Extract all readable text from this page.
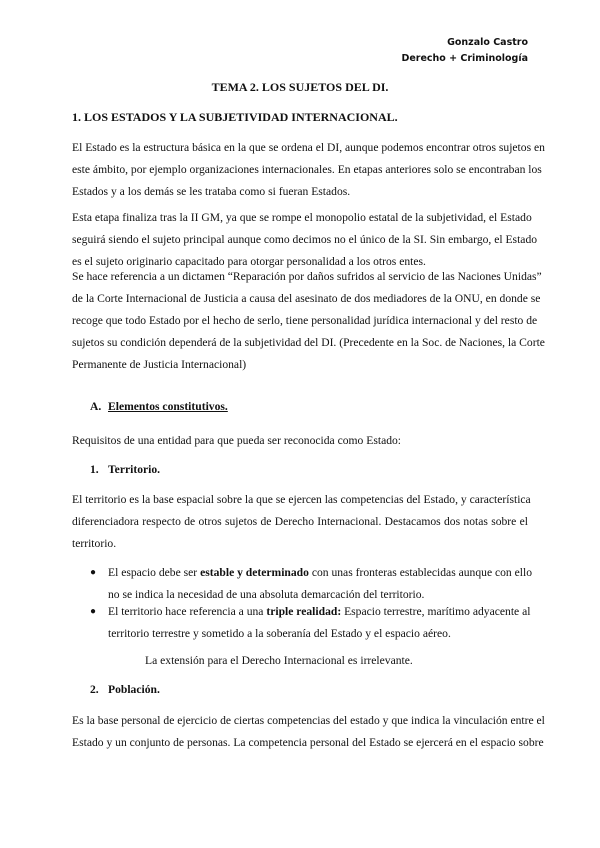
Gonzalo Castro
Derecho + Criminología
TEMA 2. LOS SUJETOS DEL DI.
1. LOS ESTADOS Y LA SUBJETIVIDAD INTERNACIONAL.
El Estado es la estructura básica en la que se ordena el DI, aunque podemos encontrar otros sujetos en
este ámbito, por ejemplo organizaciones internacionales. En etapas anteriores solo se encontraban los
Estados y a los demás se les trataba como si fueran Estados.
Esta etapa finaliza tras la II GM, ya que se rompe el monopolio estatal de la subjetividad, el Estado
seguirá siendo el sujeto principal aunque como decimos no el único de la SI. Sin embargo, el Estado
es el sujeto originario capacitado para otorgar personalidad a los otros entes.
Se hace referencia a un dictamen “Reparación por daños sufridos al servicio de las Naciones Unidas”
de la Corte Internacional de Justicia a causa del asesinato de dos mediadores de la ONU, en donde se
recoge que todo Estado por el hecho de serlo, tiene personalidad jurídica internacional y del resto de
sujetos su condición dependerá de la subjetividad del DI. (Precedente en la Soc. de Naciones, la Corte
Permanente de Justicia Internacional)
A. Elementos constitutivos.
Requisitos de una entidad para que pueda ser reconocida como Estado:
1. Territorio.
El territorio es la base espacial sobre la que se ejercen las competencias del Estado, y característica
diferenciadora respecto de otros sujetos de Derecho Internacional. Destacamos dos notas sobre el
territorio.
● El espacio debe ser estable y determinado con unas fronteras establecidas aunque con ello
no se indica la necesidad de una absoluta demarcación del territorio.
● El territorio hace referencia a una triple realidad: Espacio terrestre, marítimo adyacente al
territorio terrestre y sometido a la soberanía del Estado y el espacio aéreo.
La extensión para el Derecho Internacional es irrelevante.
2. Población.
Es la base personal de ejercicio de ciertas competencias del estado y que indica la vinculación entre el
Estado y un conjunto de personas. La competencia personal del Estado se ejercerá en el espacio sobre
